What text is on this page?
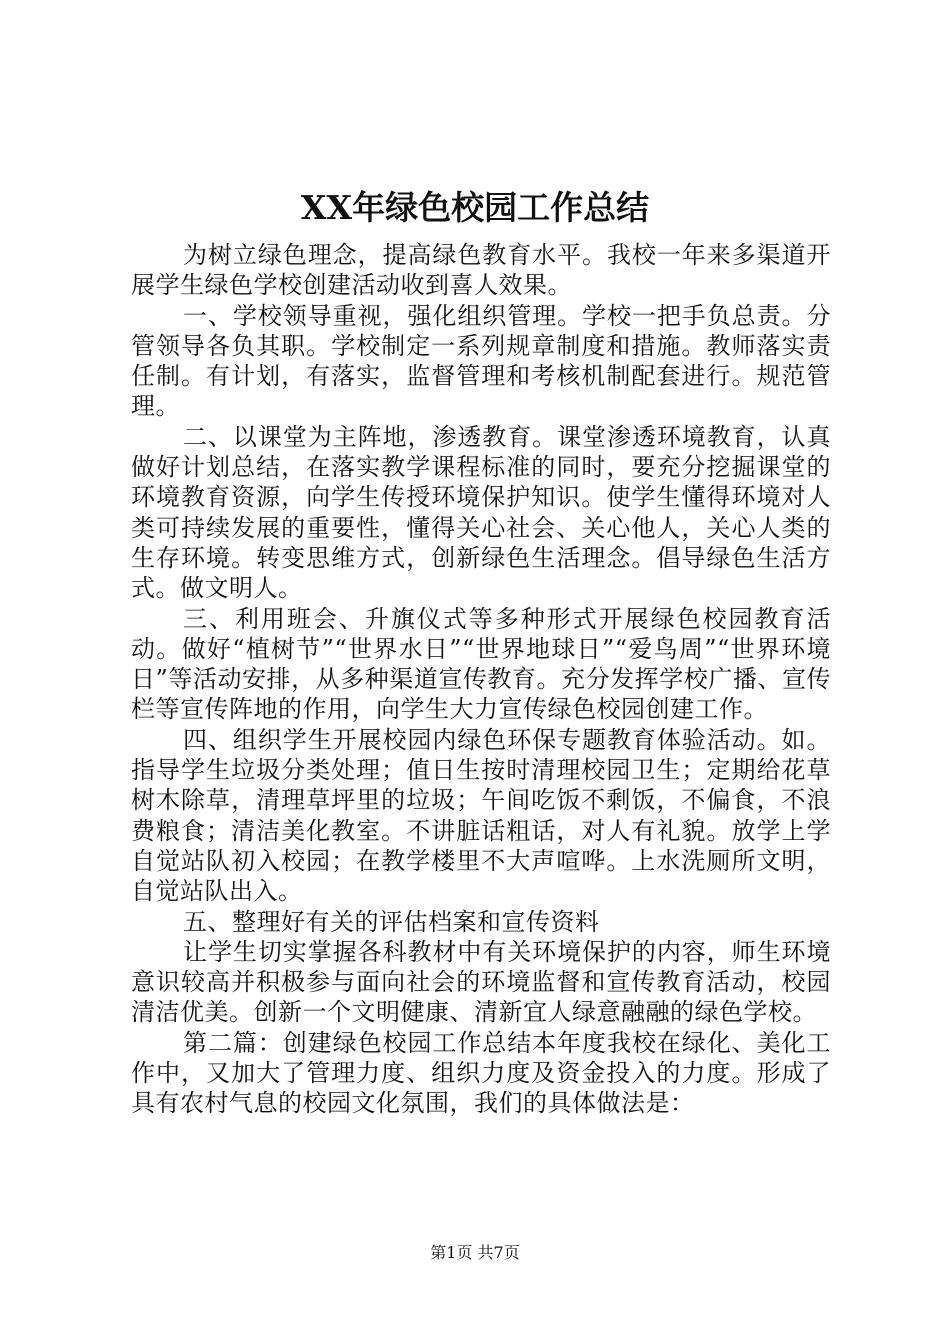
XX年绿色校园工作总结

为树立绿色理念，提高绿色教育水平。我校一年来多渠道开展学生绿色学校创建活动收到喜人效果。

一、学校领导重视，强化组织管理。学校一把手负总责。分管领导各负其职。学校制定一系列规章制度和措施。教师落实责任制。有计划，有落实，监督管理和考核机制配套进行。规范管理。

二、以课堂为主阵地，渗透教育。课堂渗透环境教育，认真做好计划总结，在落实教学课程标准的同时，要充分挖掘课堂的环境教育资源，向学生传授环境保护知识。使学生懂得环境对人类可持续发展的重要性，懂得关心社会、关心他人，关心人类的生存环境。转变思维方式，创新绿色生活理念。倡导绿色生活方式。做文明人。

三、利用班会、升旗仪式等多种形式开展绿色校园教育活动。做好“植树节”“世界水日”“世界地球日”“爱鸟周”“世界环境日”等活动安排，从多种渠道宣传教育。充分发挥学校广播、宣传栏等宣传阵地的作用，向学生大力宣传绿色校园创建工作。

四、组织学生开展校园内绿色环保专题教育体验活动。如。指导学生垃圾分类处理；值日生按时清理校园卫生；定期给花草树木除草，清理草坪里的垃圾；午间吃饭不剩饭，不偏食，不浪费粮食；清洁美化教室。不讲脏话粗话，对人有礼貌。放学上学自觉站队初入校园；在教学楼里不大声喧哗。上水洗厕所文明，自觉站队出入。

五、整理好有关的评估档案和宣传资料

让学生切实掌握各科教材中有关环境保护的内容，师生环境意识较高并积极参与面向社会的环境监督和宣传教育活动，校园清洁优美。创新一个文明健康、清新宜人绿意融融的绿色学校。

第二篇：创建绿色校园工作总结本年度我校在绿化、美化工作中，又加大了管理力度、组织力度及资金投入的力度。形成了具有农村气息的校园文化氛围，我们的具体做法是：

第1页 共7页
